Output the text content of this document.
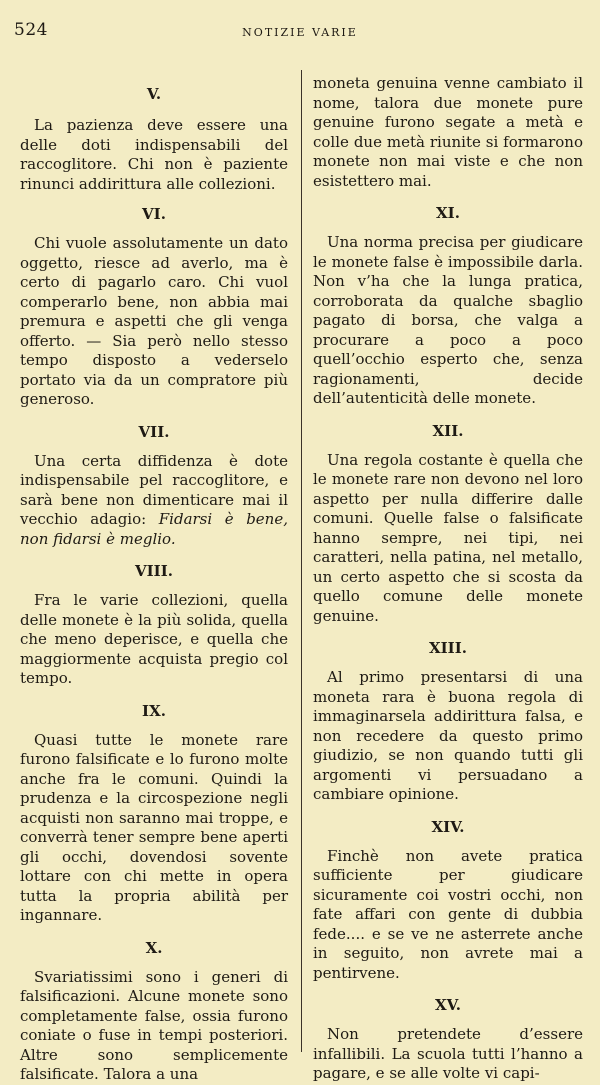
524	NOTIZIE VARIE

V.

La pazienza deve essere una delle doti indispensabili del raccoglitore. Chi non è paziente rinunci addirittura alle collezioni.

VI.

Chi vuole assolutamente un dato oggetto, riesce ad averlo, ma è certo di pagarlo caro. Chi vuol comperarlo bene, non abbia mai premura e aspetti che gli venga offerto. — Sia però nello stesso tempo disposto a vederselo portato via da un compratore più generoso.

VII.

Una certa diffidenza è dote indispensabile pel raccoglitore, e sarà bene non dimenticare mai il vecchio adagio: Fidarsi è bene, non fidarsi è meglio.

VIII.

Fra le varie collezioni, quella delle monete è la più solida, quella che meno deperisce, e quella che maggiormente acquista pregio col tempo.

IX.

Quasi tutte le monete rare furono falsificate e lo furono molte anche fra le comuni. Quindi la prudenza e la circospezione negli acquisti non saranno mai troppe, e converrà tener sempre bene aperti gli occhi, dovendosi sovente lottare con chi mette in opera tutta la propria abilità per ingannare.

X.

Svariatissimi sono i generi di falsificazioni. Alcune monete sono completamente false, ossia furono coniate o fuse in tempi posteriori. Altre sono semplicemente falsificate. Talora a una

moneta genuina venne cambiato il nome, talora due monete pure genuine furono segate a metà e colle due metà riunite si formarono monete non mai viste e che non esistettero mai.

XI.

Una norma precisa per giudicare le monete false è impossibile darla. Non v’ha che la lunga pratica, corroborata da qualche sbaglio pagato di borsa, che valga a procurare a poco a poco quell’occhio esperto che, senza ragionamenti, decide dell’autenticità delle monete.

XII.

Una regola costante è quella che le monete rare non devono nel loro aspetto per nulla differire dalle comuni. Quelle false o falsificate hanno sempre, nei tipi, nei caratteri, nella patina, nel metallo, un certo aspetto che si scosta da quello comune delle monete genuine.

XIII.

Al primo presentarsi di una moneta rara è buona regola di immaginarsela addirittura falsa, e non recedere da questo primo giudizio, se non quando tutti gli argomenti vi persuadano a cambiare opinione.

XIV.

Finchè non avete pratica sufficiente per giudicare sicuramente coi vostri occhi, non fate affari con gente di dubbia fede.... e se ve ne asterrete anche in seguito, non avrete mai a pentirvene.

XV.

Non pretendete d’essere infallibili. La scuola tutti l’hanno a pagare, e se alle volte vi capi-
